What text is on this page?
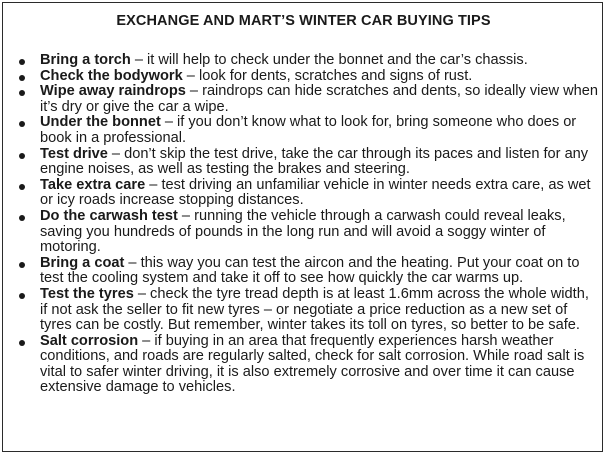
EXCHANGE AND MART’S WINTER CAR BUYING TIPS
Bring a torch – it will help to check under the bonnet and the car’s chassis.
Check the bodywork – look for dents, scratches and signs of rust.
Wipe away raindrops – raindrops can hide scratches and dents, so ideally view when it’s dry or give the car a wipe.
Under the bonnet – if you don’t know what to look for, bring someone who does or book in a professional.
Test drive – don’t skip the test drive, take the car through its paces and listen for any engine noises, as well as testing the brakes and steering.
Take extra care – test driving an unfamiliar vehicle in winter needs extra care, as wet or icy roads increase stopping distances.
Do the carwash test – running the vehicle through a carwash could reveal leaks, saving you hundreds of pounds in the long run and will avoid a soggy winter of motoring.
Bring a coat – this way you can test the aircon and the heating. Put your coat on to test the cooling system and take it off to see how quickly the car warms up.
Test the tyres – check the tyre tread depth is at least 1.6mm across the whole width, if not ask the seller to fit new tyres – or negotiate a price reduction as a new set of tyres can be costly. But remember, winter takes its toll on tyres, so better to be safe.
Salt corrosion – if buying in an area that frequently experiences harsh weather conditions, and roads are regularly salted, check for salt corrosion. While road salt is vital to safer winter driving, it is also extremely corrosive and over time it can cause extensive damage to vehicles.
